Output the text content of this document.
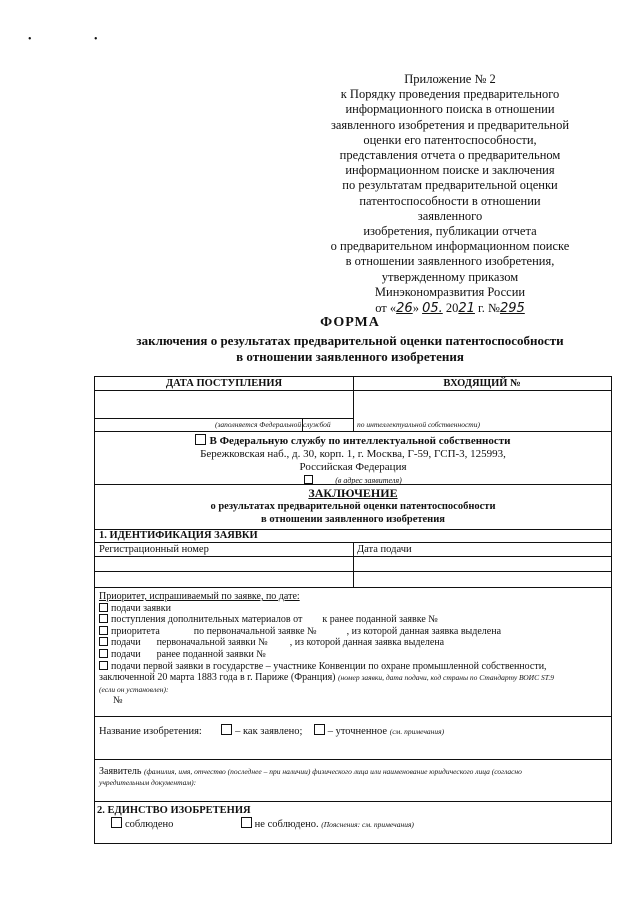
• •
Приложение № 2
к Порядку проведения предварительного
информационного поиска в отношении
заявленного изобретения и предварительной
оценки его патентоспособности,
представления отчета о предварительном
информационном поиске и заключения
по результатам предварительной оценки
патентоспособности в отношении заявленного
изобретения, публикации отчета
о предварительном информационном поиске
в отношении заявленного изобретения,
утвержденному приказом
Минэкономразвития России
от «26» 05. 2021 г. №295
ФОРМА
заключения о результатах предварительной оценки патентоспособности
в отношении заявленного изобретения
ДАТА ПОСТУПЛЕНИЯ	ВХОДЯЩИЙ №
(заполняется Федеральной службой	по интеллектуальной собственности)
В Федеральную службу по интеллектуальной собственности
Бережковская наб., д. 30, корп. 1, г. Москва, Г-59, ГСП-3, 125993,
Российская Федерация
(в адрес заявителя)
ЗАКЛЮЧЕНИЕ
о результатах предварительной оценки патентоспособности
в отношении заявленного изобретения
1. ИДЕНТИФИКАЦИЯ ЗАЯВКИ
Регистрационный номер	Дата подачи
Приоритет, испрашиваемый по заявке, по дате:
подачи заявки
поступления дополнительных материалов от к ранее поданной заявке №
приоритета	по первоначальной заявке №	, из которой данная заявка выделена
подачи первоначальной заявки № , из которой данная заявка выделена
подачи ранее поданной заявки №
подачи первой заявки в государстве – участнике Конвенции по охране промышленной собственности,
заключенной 20 марта 1883 года в г. Париже (Франция) (номер заявки, дата подачи, код страны по Стандарту ВОИС ST.9
(если он установлен):
№
Название изобретения:	– как заявлено; – уточненное (см. примечания)
Заявитель (фамилия, имя, отчество (последнее – при наличии) физического лица или наименование юридического лица (согласно
учредительным документам):
2. ЕДИНСТВО ИЗОБРЕТЕНИЯ
соблюдено	не соблюдено. (Пояснения: см. примечания)
